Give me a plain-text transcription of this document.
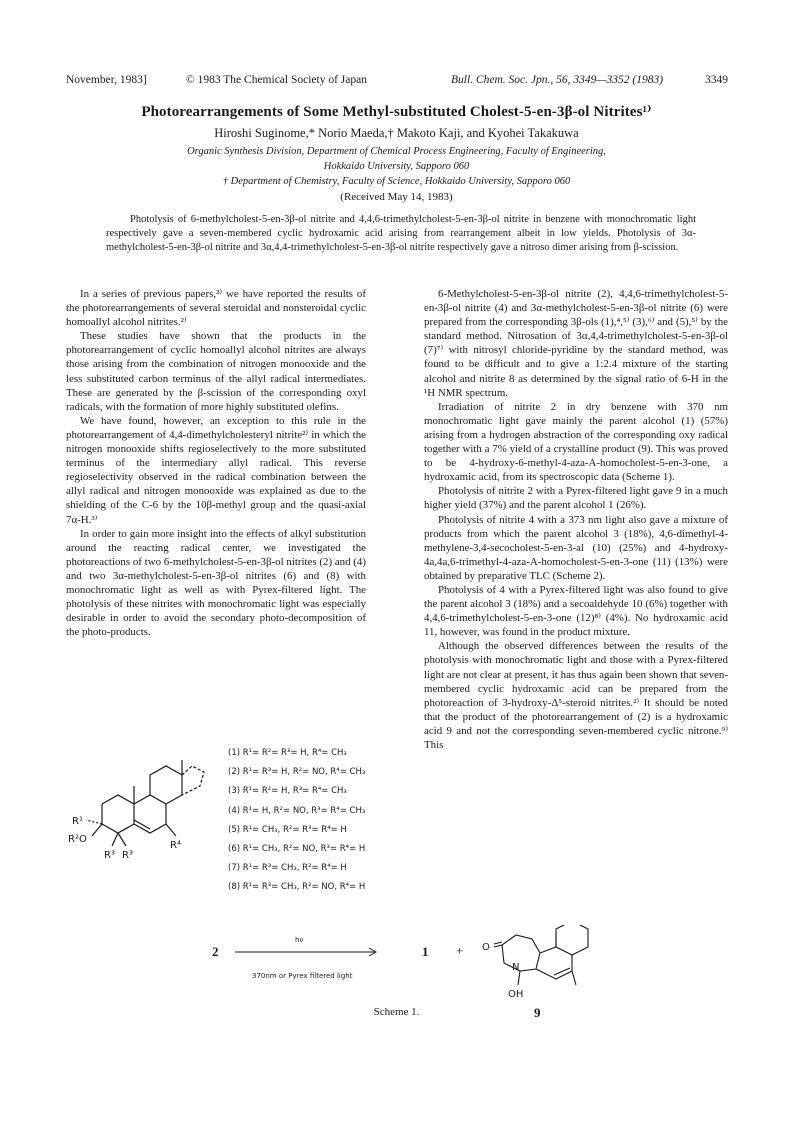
November, 1983]	© 1983 The Chemical Society of Japan	Bull. Chem. Soc. Jpn., 56, 3349—3352 (1983)	3349
Photorearrangements of Some Methyl-substituted Cholest-5-en-3β-ol Nitrites¹⁾
Hiroshi Suginome,* Norio Maeda,† Makoto Kaji, and Kyohei Takakuwa
Organic Synthesis Division, Department of Chemical Process Engineering, Faculty of Engineering,
Hokkaido University, Sapporo 060
† Department of Chemistry, Faculty of Science, Hokkaido University, Sapporo 060
(Received May 14, 1983)
Photolysis of 6-methylcholest-5-en-3β-ol nitrite and 4,4,6-trimethylcholest-5-en-3β-ol nitrite in benzene with monochromatic light respectively gave a seven-membered cyclic hydroxamic acid arising from rearrangement albeit in low yields. Photolysis of 3α-methylcholest-5-en-3β-ol nitrite and 3α,4,4-trimethylcholest-5-en-3β-ol nitrite respectively gave a nitroso dimer arising from β-scission.

In a series of previous papers,²⁾ we have reported the results of the photorearrangements of several steroidal and nonsteroidal cyclic homoallyl alcohol nitrites.²⁾

These studies have shown that the products in the photorearrangement of cyclic homoallyl alcohol nitrites are always those arising from the combination of nitrogen monooxide and the less substituted carbon terminus of the allyl radical intermediates. These are generated by the β-scission of the corresponding oxyl radicals, with the formation of more highly substituted olefins.

We have found, however, an exception to this rule in the photorearrangement of 4,4-dimethylcholesteryl nitrite²⁾ in which the nitrogen monooxide shifts regioselectively to the more substituted terminus of the intermediary allyl radical. This reverse regioselectivity observed in the radical combination between the allyl radical and nitrogen monooxide was explained as due to the shielding of the C-6 by the 10β-methyl group and the quasi-axial 7α-H.³⁾

In order to gain more insight into the effects of alkyl substitution around the reacting radical center, we investigated the photoreactions of two 6-methylcholest-5-en-3β-ol nitrites (2) and (4) and two 3α-methylcholest-5-en-3β-ol nitrites (6) and (8) with monochromatic light as well as with Pyrex-filtered light. The photolysis of these nitrites with monochromatic light was especially desirable in order to avoid the secondary photo-decomposition of the photo-products.

6-Methylcholest-5-en-3β-ol nitrite (2), 4,4,6-trimethylcholest-5-en-3β-ol nitrite (4) and 3α-methylcholest-5-en-3β-ol nitrite (6) were prepared from the corresponding 3β-ols (1),⁴,⁵⁾ (3),⁶⁾ and (5),⁵⁾ by the standard method. Nitrosation of 3α,4,4-trimethylcholest-5-en-3β-ol (7)⁷⁾ with nitrosyl chloride-pyridine by the standard method, was found to be difficult and to give a 1:2.4 mixture of the starting alcohol and nitrite 8 as determined by the signal ratio of 6-H in the ¹H NMR spectrum.

Irradiation of nitrite 2 in dry benzene with 370 nm monochromatic light gave mainly the parent alcohol (1) (57%) arising from a hydrogen abstraction of the corresponding oxy radical together with a 7% yield of a crystalline product (9). This was proved to be 4-hydroxy-6-methyl-4-aza-A-homocholest-5-en-3-one, a hydroxamic acid, from its spectroscopic data (Scheme 1).

Photolysis of nitrite 2 with a Pyrex-filtered light gave 9 in a much higher yield (37%) and the parent alcohol 1 (26%).

Photolysis of nitrite 4 with a 373 nm light also gave a mixture of products from which the parent alcohol 3 (18%), 4,6-dimethyl-4-methylene-3,4-secocholest-5-en-3-al (10) (25%) and 4-hydroxy-4a,4a,6-trimethyl-4-aza-A-homocholest-5-en-3-one (11) (13%) were obtained by preparative TLC (Scheme 2).

Photolysis of 4 with a Pyrex-filtered light was also found to give the parent alcohol 3 (18%) and a secoaldehyde 10 (6%) together with 4,4,6-trimethylcholest-5-en-3-one (12)⁸⁾ (4%). No hydroxamic acid 11, however, was found in the product mixture.

Although the observed differences between the results of the photolysis with monochromatic light and those with a Pyrex-filtered light are not clear at present, it has thus again been shown that seven-membered cyclic hydroxamic acid can be prepared from the photoreaction of 3-hydroxy-Δ⁵-steroid nitrites.²⁾ It should be noted that the product of the photorearrangement of (2) is a hydroxamic acid 9 and not the corresponding seven-membered cyclic nitrone.⁹⁾ This

R¹
R²O
R³ R³
R⁴
(1) R¹= R²= R³= H, R⁴= CH₃
(2) R¹= R³= H, R²= NO, R⁴= CH₃
(3) R¹= R²= H, R³= R⁴= CH₃
(4) R¹= H, R²= NO, R³= R⁴= CH₃
(5) R¹= CH₃, R²= R³= R⁴= H
(6) R¹= CH₃, R²= NO, R³= R⁴= H
(7) R¹= R³= CH₃, R²= R⁴= H
(8) R¹= R³= CH₃, R²= NO, R⁴= H
2
hν
370nm or Pyrex filtered light
1 + O
N
OH
9
Scheme 1.
